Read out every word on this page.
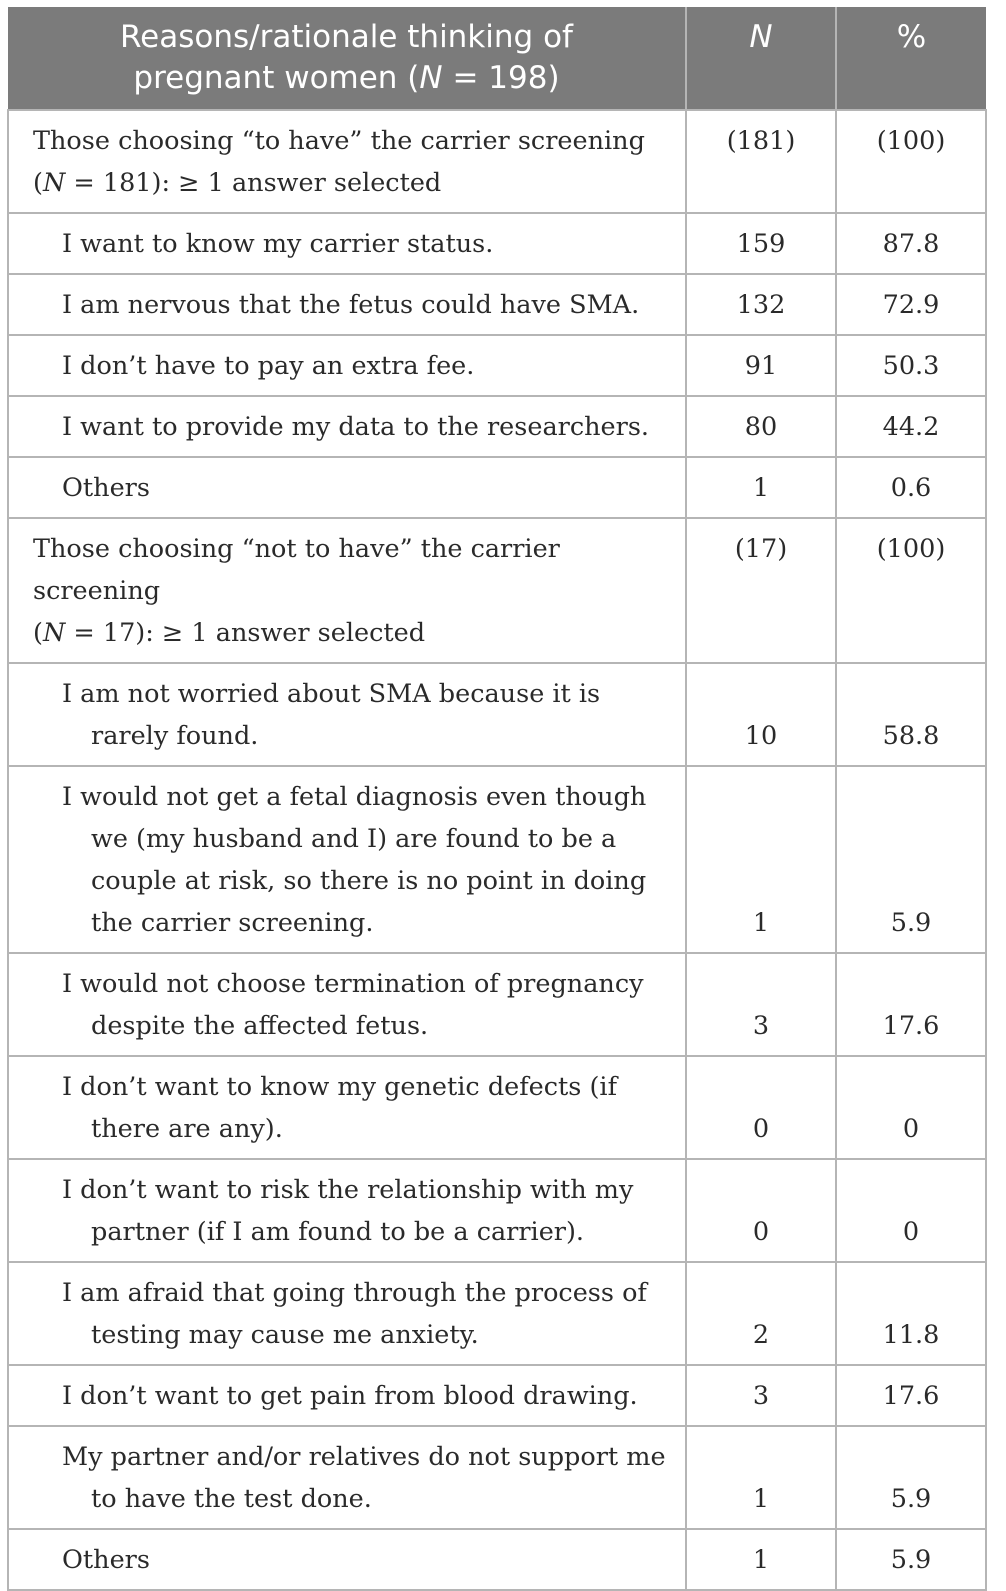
Reasons/rationale thinking of
pregnant women (N = 198)	N	%
Those choosing “to have” the carrier screening
(N = 181): ≥ 1 answer selected	(181)	(100)

I want to know my carrier status.	159	87.8

I am nervous that the fetus could have SMA.	132	72.9

I don’t have to pay an extra fee.	91	50.3

I want to provide my data to the researchers.	80	44.2

Others	1	0.6
Those choosing “not to have” the carrier screening
(N = 17): ≥ 1 answer selected	(17)	(100)

I am not worried about SMA because it is rarely found.	10	58.8

I would not get a fetal diagnosis even though we (my husband and I) are found to be a couple at risk, so there is no point in doing the carrier screening.	1	5.9

I would not choose termination of pregnancy despite the affected fetus.	3	17.6

I don’t want to know my genetic defects (if there are any).	0	0

I don’t want to risk the relationship with my partner (if I am found to be a carrier).	0	0

I am afraid that going through the process of testing may cause me anxiety.	2	11.8

I don’t want to get pain from blood drawing.	3	17.6

My partner and/or relatives do not support me to have the test done.	1	5.9

Others	1	5.9
